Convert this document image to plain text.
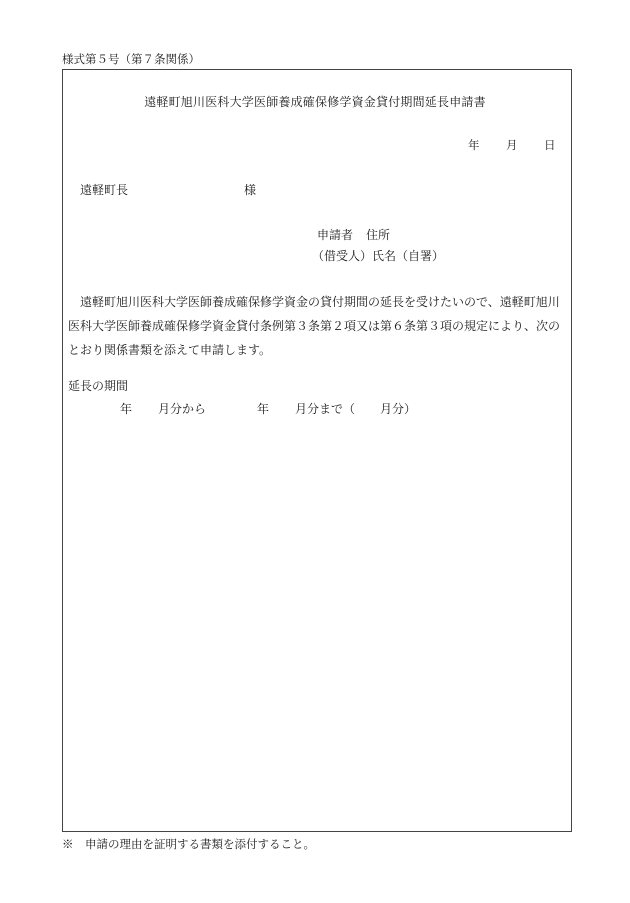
様式第５号（第７条関係）
遠軽町旭川医科大学医師養成確保修学資金貸付期間延長申請書
年 月 日
遠軽町長	様
申請者 住所
（借受人）氏名（自署）
遠軽町旭川医科大学医師養成確保修学資金の貸付期間の延長を受けたいので、遠軽町旭川医科大学医師養成確保修学資金貸付条例第３条第２項又は第６条第３項の規定により、次のとおり関係書類を添えて申請します。
延長の期間
年 月分から	年 月分まで（ 月分）
※　申請の理由を証明する書類を添付すること。
